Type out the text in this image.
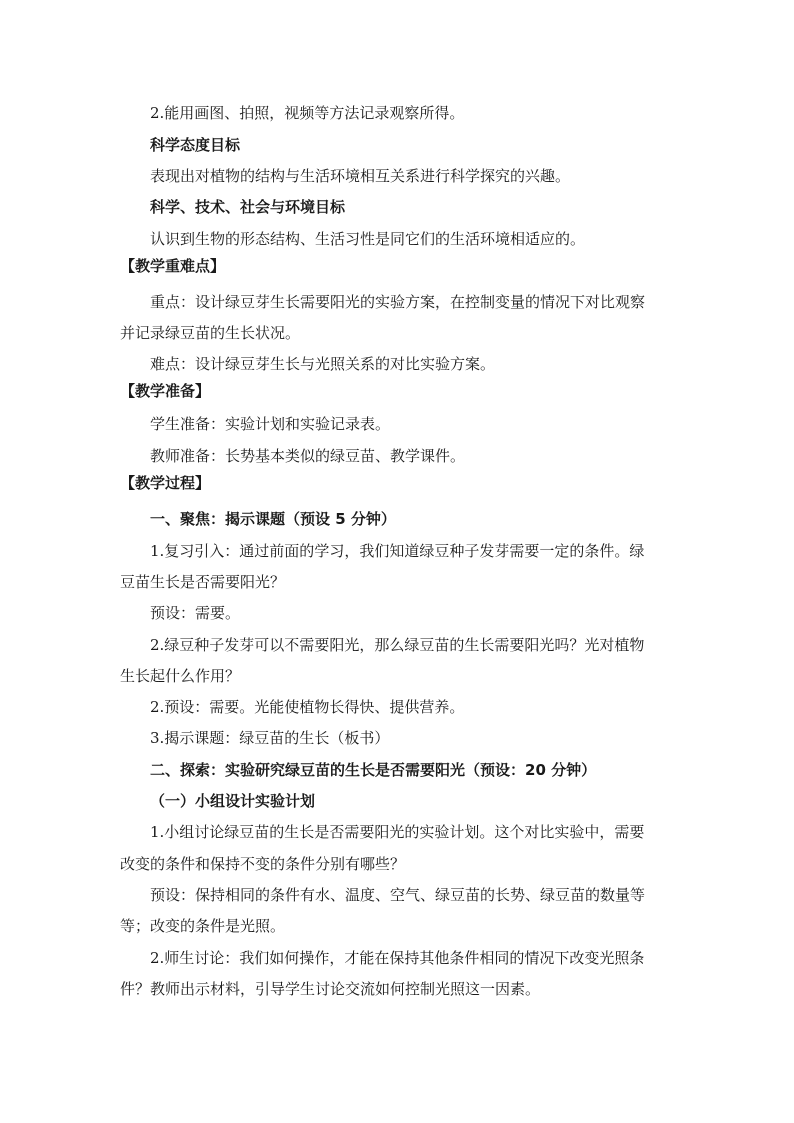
2.能用画图、拍照，视频等方法记录观察所得。
科学态度目标
表现出对植物的结构与生活环境相互关系进行科学探究的兴趣。
科学、技术、社会与环境目标
认识到生物的形态结构、生活习性是同它们的生活环境相适应的。
【教学重难点】
重点：设计绿豆芽生长需要阳光的实验方案，在控制变量的情况下对比观察
并记录绿豆苗的生长状况。
难点：设计绿豆芽生长与光照关系的对比实验方案。
【教学准备】
学生准备：实验计划和实验记录表。
教师准备：长势基本类似的绿豆苗、教学课件。
【教学过程】
一、聚焦：揭示课题（预设 5 分钟）
1.复习引入：通过前面的学习，我们知道绿豆种子发芽需要一定的条件。绿
豆苗生长是否需要阳光？
预设：需要。
2.绿豆种子发芽可以不需要阳光，那么绿豆苗的生长需要阳光吗？光对植物
生长起什么作用？
2.预设：需要。光能使植物长得快、提供营养。
3.揭示课题：绿豆苗的生长（板书）
二、探索：实验研究绿豆苗的生长是否需要阳光（预设：20 分钟）
（一）小组设计实验计划
1.小组讨论绿豆苗的生长是否需要阳光的实验计划。这个对比实验中，需要
改变的条件和保持不变的条件分别有哪些？
预设：保持相同的条件有水、温度、空气、绿豆苗的长势、绿豆苗的数量等
等；改变的条件是光照。
2.师生讨论：我们如何操作，才能在保持其他条件相同的情况下改变光照条
件？教师出示材料，引导学生讨论交流如何控制光照这一因素。
